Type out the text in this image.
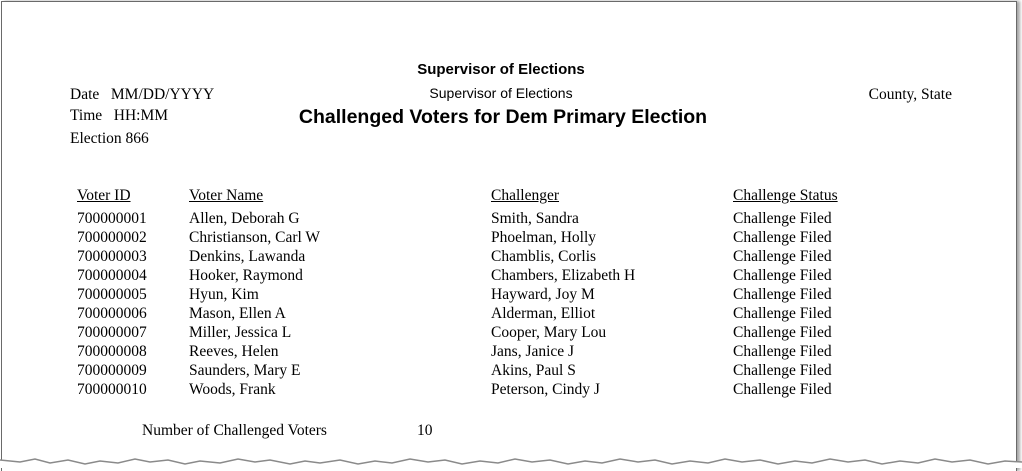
Supervisor of Elections
Supervisor of Elections
Challenged Voters for Dem Primary Election
Date MM/DD/YYYY
Time HH:MM
Election 866
County, State
Voter ID	Voter Name	Challenger	Challenge Status
700000001	Allen, Deborah G	Smith, Sandra	Challenge Filed
700000002	Christianson, Carl W	Phoelman, Holly	Challenge Filed
700000003	Denkins, Lawanda	Chamblis, Corlis	Challenge Filed
700000004	Hooker, Raymond	Chambers, Elizabeth H	Challenge Filed
700000005	Hyun, Kim	Hayward, Joy M	Challenge Filed
700000006	Mason, Ellen A	Alderman, Elliot	Challenge Filed
700000007	Miller, Jessica L	Cooper, Mary Lou	Challenge Filed
700000008	Reeves, Helen	Jans, Janice J	Challenge Filed
700000009	Saunders, Mary E	Akins, Paul S	Challenge Filed
700000010	Woods, Frank	Peterson, Cindy J	Challenge Filed
Number of Challenged Voters	10
